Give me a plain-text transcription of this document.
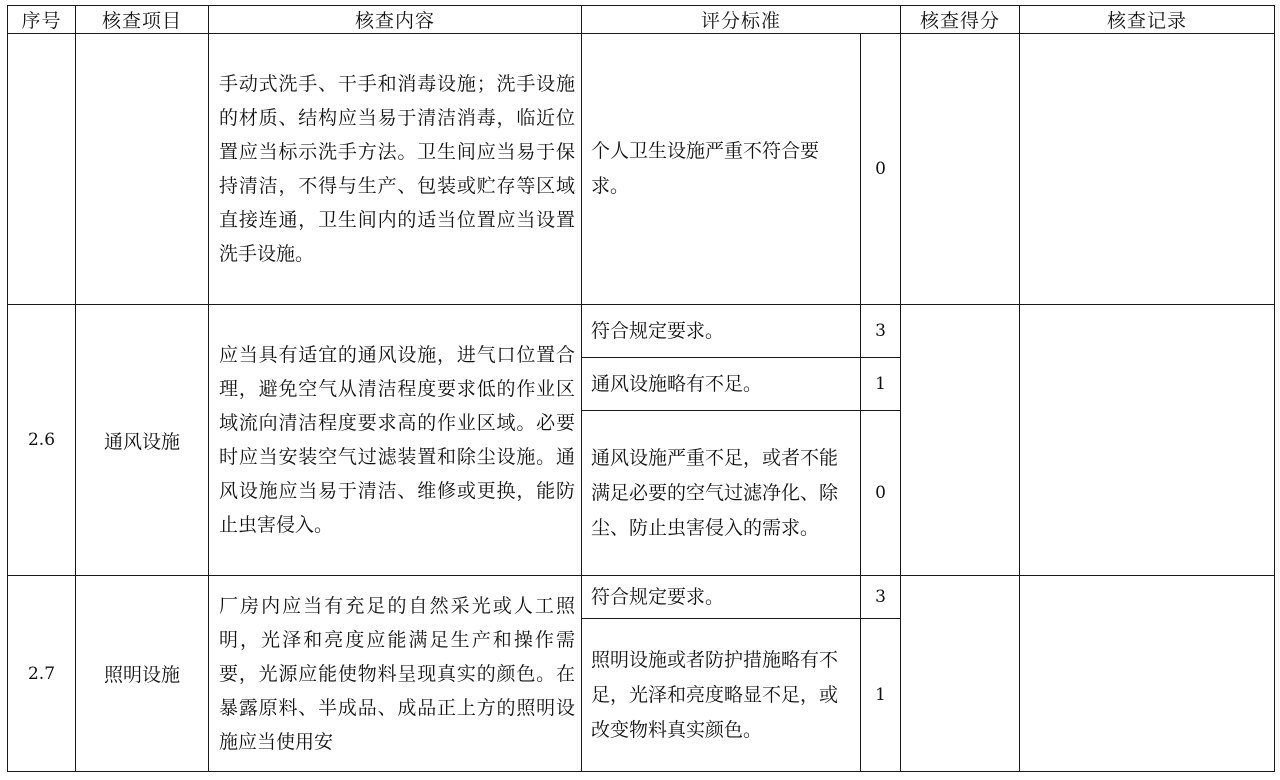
序号	核查项目	核查内容	评分标准		核查得分	核查记录
		手动式洗手、干手和消毒设施；洗手设施的材质、结构应当易于清洁消毒，临近位置应当标示洗手方法。卫生间应当易于保持清洁，不得与生产、包装或贮存等区域直接连通，卫生间内的适当位置应当设置洗手设施。	个人卫生设施严重不符合要求。	0		
2.6	通风设施	应当具有适宜的通风设施，进气口位置合理，避免空气从清洁程度要求低的作业区域流向清洁程度要求高的作业区域。必要时应当安装空气过滤装置和除尘设施。通风设施应当易于清洁、维修或更换，能防止虫害侵入。	符合规定要求。	3		
			通风设施略有不足。	1		
			通风设施严重不足，或者不能满足必要的空气过滤净化、除尘、防止虫害侵入的需求。	0		
2.7	照明设施	厂房内应当有充足的自然采光或人工照明，光泽和亮度应能满足生产和操作需要，光源应能使物料呈现真实的颜色。在暴露原料、半成品、成品正上方的照明设施应当使用安	符合规定要求。	3		
			照明设施或者防护措施略有不足，光泽和亮度略显不足，或改变物料真实颜色。	1		
